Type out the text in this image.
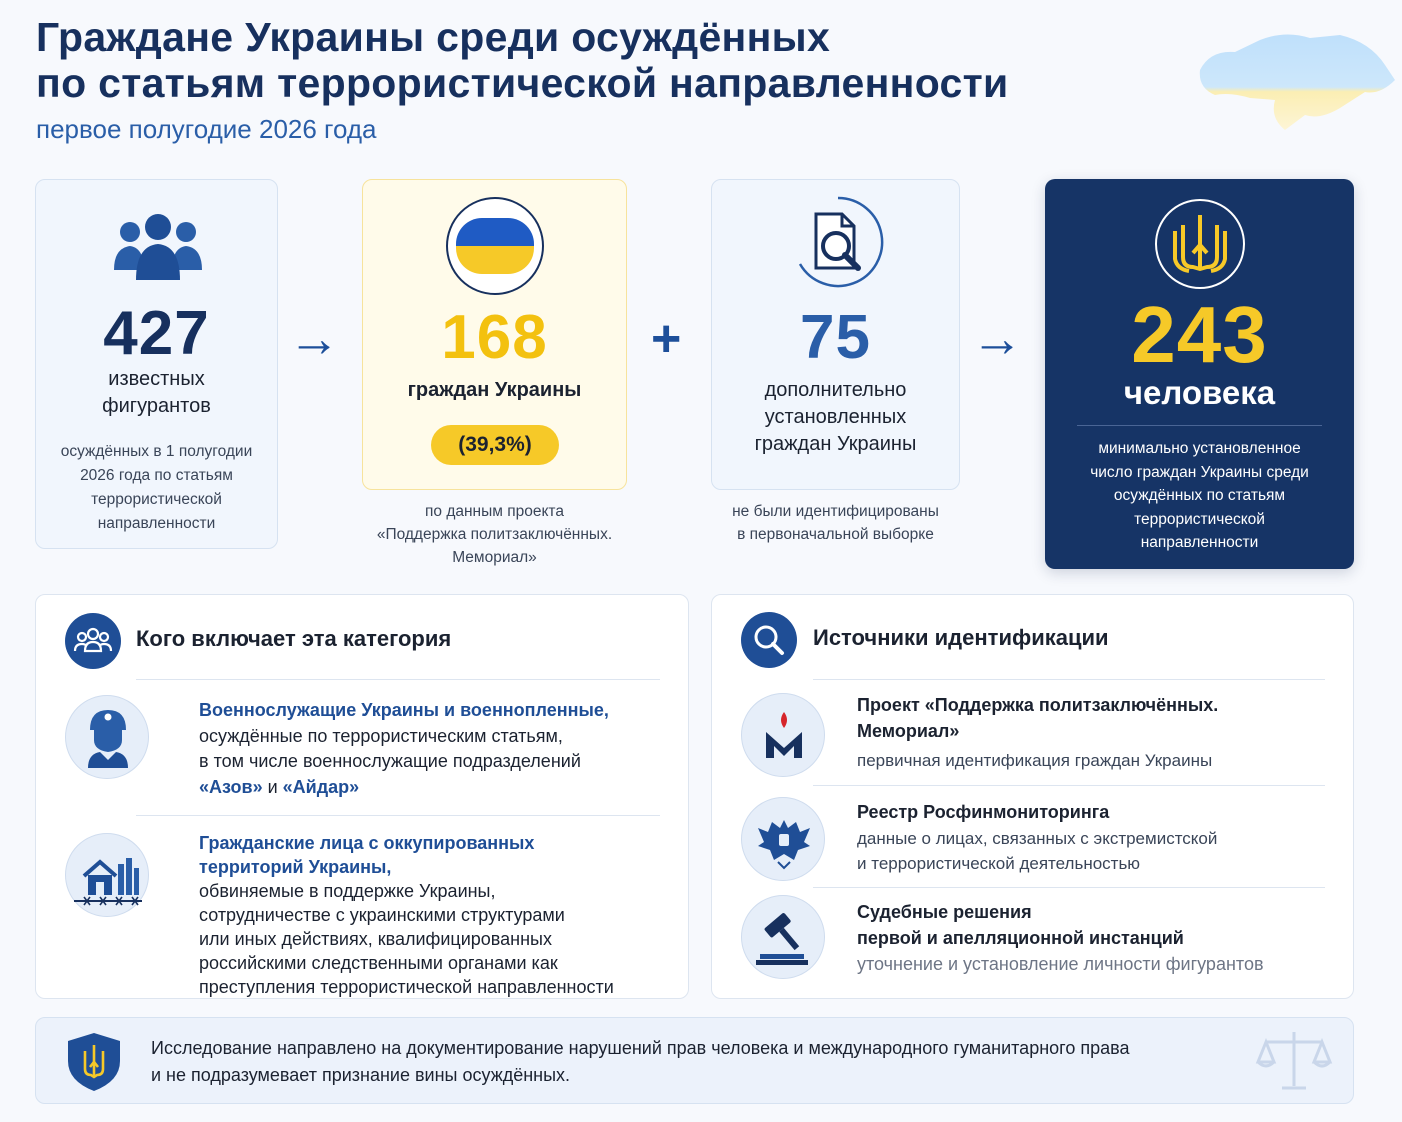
Граждане Украины среди осуждённых
по статьям террористической направленности
первое полугодие 2026 года
427
известных
фигурантов
осуждённых в 1 полугодии
2026 года по статьям
террористической
направленности
→	168
граждан Украины
(39,3%)
по данным проекта
«Поддержка политзаключённых.
Мемориал»
+	75
дополнительно
установленных
граждан Украины
не были идентифицированы
в первоначальной выборке
→	243
человека
минимально установленное
число граждан Украины среди
осуждённых по статьям
террористической
направленности
Кого включает эта категория
Военнослужащие Украины и военнопленные,
осуждённые по террористическим статьям,
в том числе военнослужащие подразделений
«Азов» и «Айдар»
Гражданские лица с оккупированных
территорий Украины,
обвиняемые в поддержке Украины,
сотрудничестве с украинскими структурами
или иных действиях, квалифицированных
российскими следственными органами как
преступления террористической направленности
Источники идентификации
Проект «Поддержка политзаключённых.
Мемориал»
первичная идентификация граждан Украины
Реестр Росфинмониторинга
данные о лицах, связанных с экстремистской
и террористической деятельностью
Судебные решения
первой и апелляционной инстанций
уточнение и установление личности фигурантов
Исследование направлено на документирование нарушений прав человека и международного гуманитарного права
и не подразумевает признание вины осуждённых.
